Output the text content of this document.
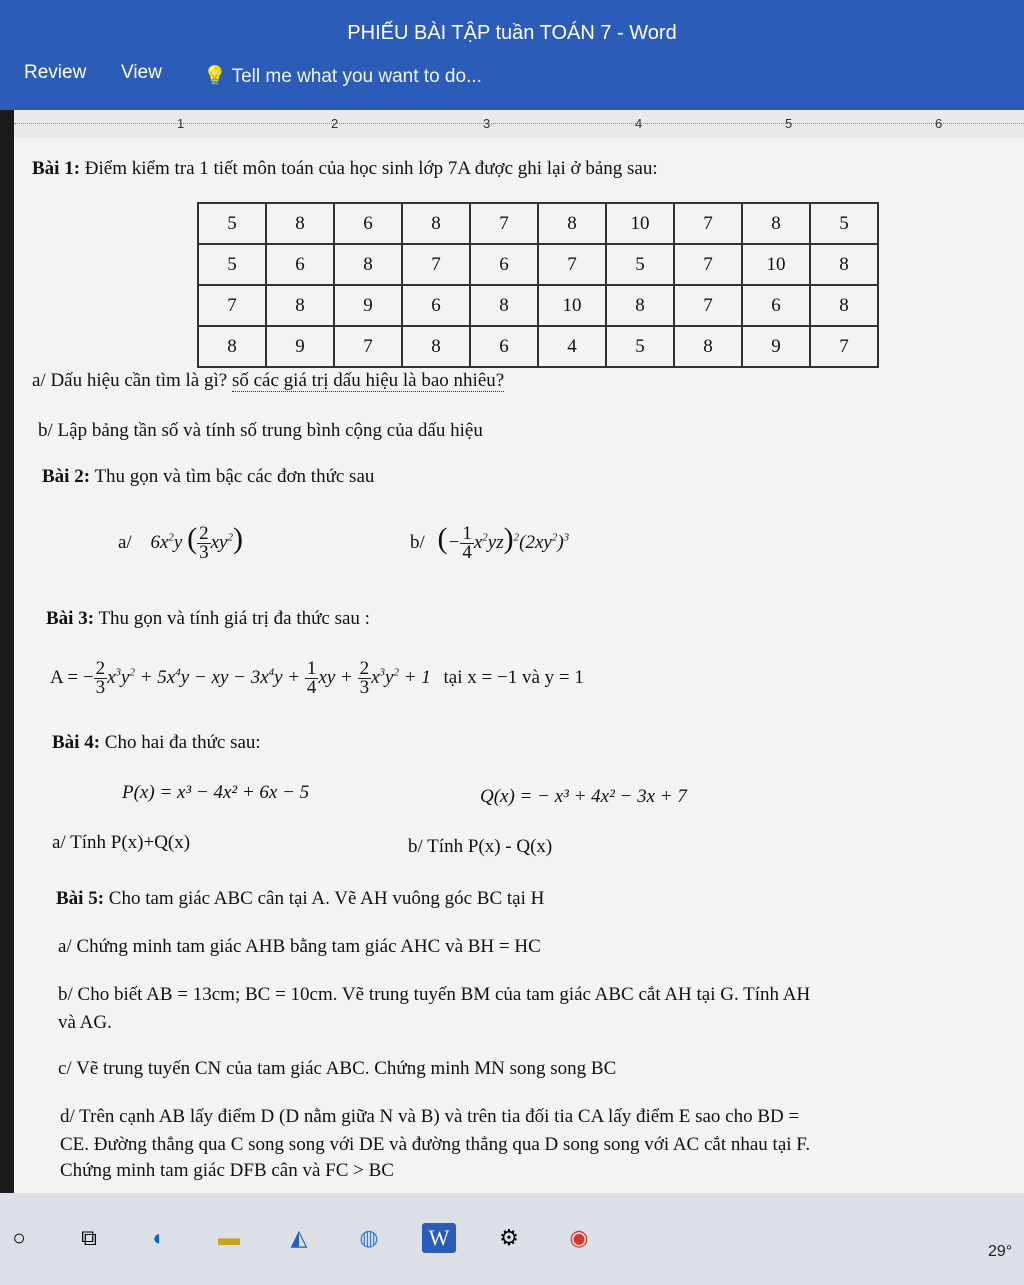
PHIẾU BÀI TẬP tuần TOÁN 7 - Word
Review View 💡 Tell me what you want to do...
1	2	3	4	5	6
Bài 1: Điểm kiểm tra 1 tiết môn toán của học sinh lớp 7A được ghi lại ở bảng sau:
5	8	6	8	7	8	10	7	8	5
5	6	8	7	6	7	5	7	10	8
7	8	9	6	8	10	8	7	6	8
8	9	7	8	6	4	5	8	9	7
a/ Dấu hiệu cần tìm là gì? số các giá trị dấu hiệu là bao nhiêu?
b/ Lập bảng tần số và tính số trung bình cộng của dấu hiệu
Bài 2: Thu gọn và tìm bậc các đơn thức sau
a/ $6x^2y$ ( $\frac{2}{3} xy^2$)	b/ (− $\frac{1}{4} x^2yz)^2(2xy^2)^3$
Bài 3: Thu gọn và tính giá trị đa thức sau :
A = − $\frac{2}{3} x^3y^2 + 5x^4y$ − xy − $3x^4y + \frac{1}{4}$ xy + $\frac{2}{3} x^3y^2 + 1$ tại x = −1 và y = 1
Bài 4: Cho hai đa thức sau:
P(x) = x³ − 4x² + 6x − 5	Q(x) = − x³ + 4x² − 3x + 7
a/ Tính P(x)+Q(x)	b/ Tính P(x) - Q(x)
Bài 5: Cho tam giác ABC cân tại A. Vẽ AH vuông góc BC tại H
a/ Chứng minh tam giác AHB bằng tam giác AHC và BH = HC
b/ Cho biết AB = 13cm; BC = 10cm. Vẽ trung tuyến BM của tam giác ABC cắt AH tại G. Tính AH
và AG.
c/ Vẽ trung tuyến CN của tam giác ABC. Chứng minh MN song song BC
d/ Trên cạnh AB lấy điểm D (D nằm giữa N và B) và trên tia đối tia CA lấy điểm E sao cho BD =
CE. Đường thẳng qua C song song với DE và đường thẳng qua D song song với AC cắt nhau tại F.
Chứng minh tam giác DFB cân và FC > BC
○	⧉	◐	▬	◭	◍	W	⚙	◉
29°
